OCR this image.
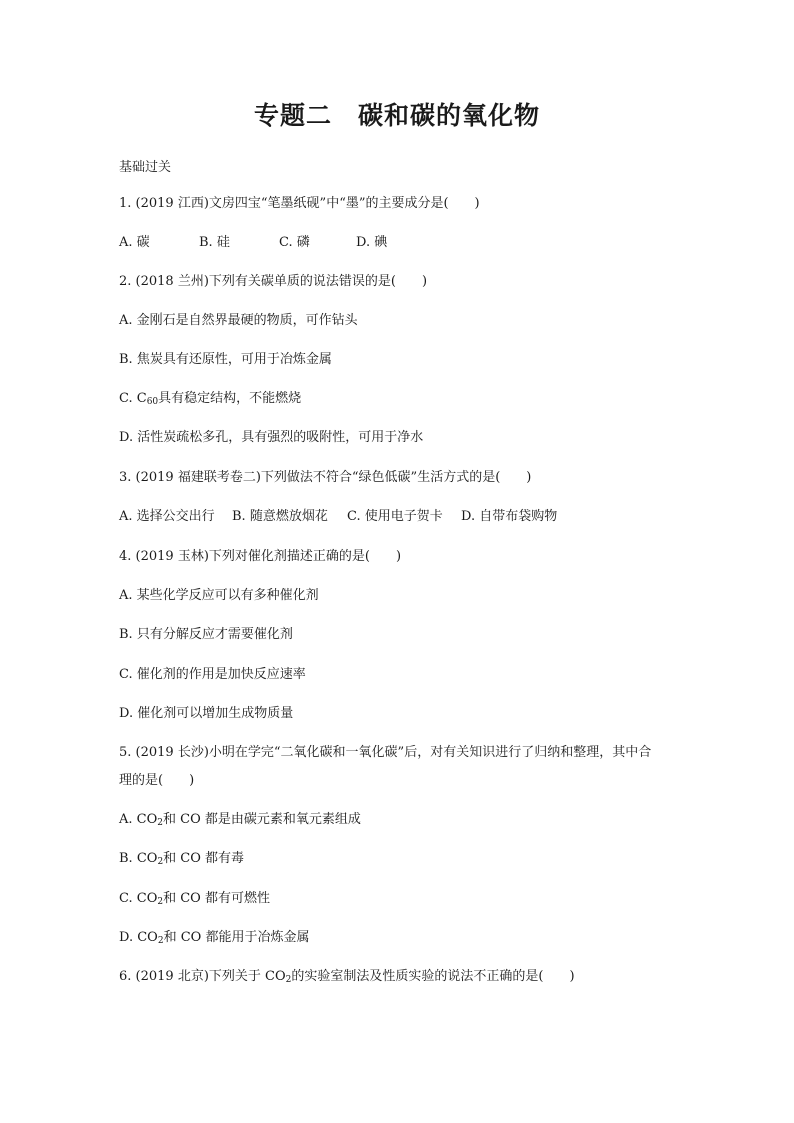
专题二　碳和碳的氧化物
基础过关
1. (2019 江西)文房四宝“笔墨纸砚”中“墨”的主要成分是(　　)
A. 碳	B. 硅	C. 磷	D. 碘
2. (2018 兰州)下列有关碳单质的说法错误的是(　　)
A. 金刚石是自然界最硬的物质，可作钻头
B. 焦炭具有还原性，可用于冶炼金属
C. $C_{60}$具有稳定结构，不能燃烧
D. 活性炭疏松多孔，具有强烈的吸附性，可用于净水
3. (2019 福建联考卷二)下列做法不符合“绿色低碳”生活方式的是(　　)
A. 选择公交出行 B. 随意燃放烟花 C. 使用电子贺卡 D. 自带布袋购物
4. (2019 玉林)下列对催化剂描述正确的是(　　)
A. 某些化学反应可以有多种催化剂
B. 只有分解反应才需要催化剂
C. 催化剂的作用是加快反应速率
D. 催化剂可以增加生成物质量
5. (2019 长沙)小明在学完“二氧化碳和一氧化碳”后，对有关知识进行了归纳和整理，其中合
理的是(　　)
A. $CO_2$和 CO 都是由碳元素和氧元素组成
B. $CO_2$和 CO 都有毒
C. $CO_2$和 CO 都有可燃性
D. $CO_2$和 CO 都能用于冶炼金属
6. (2019 北京)下列关于 $CO_2$的实验室制法及性质实验的说法不正确的是(　　)
